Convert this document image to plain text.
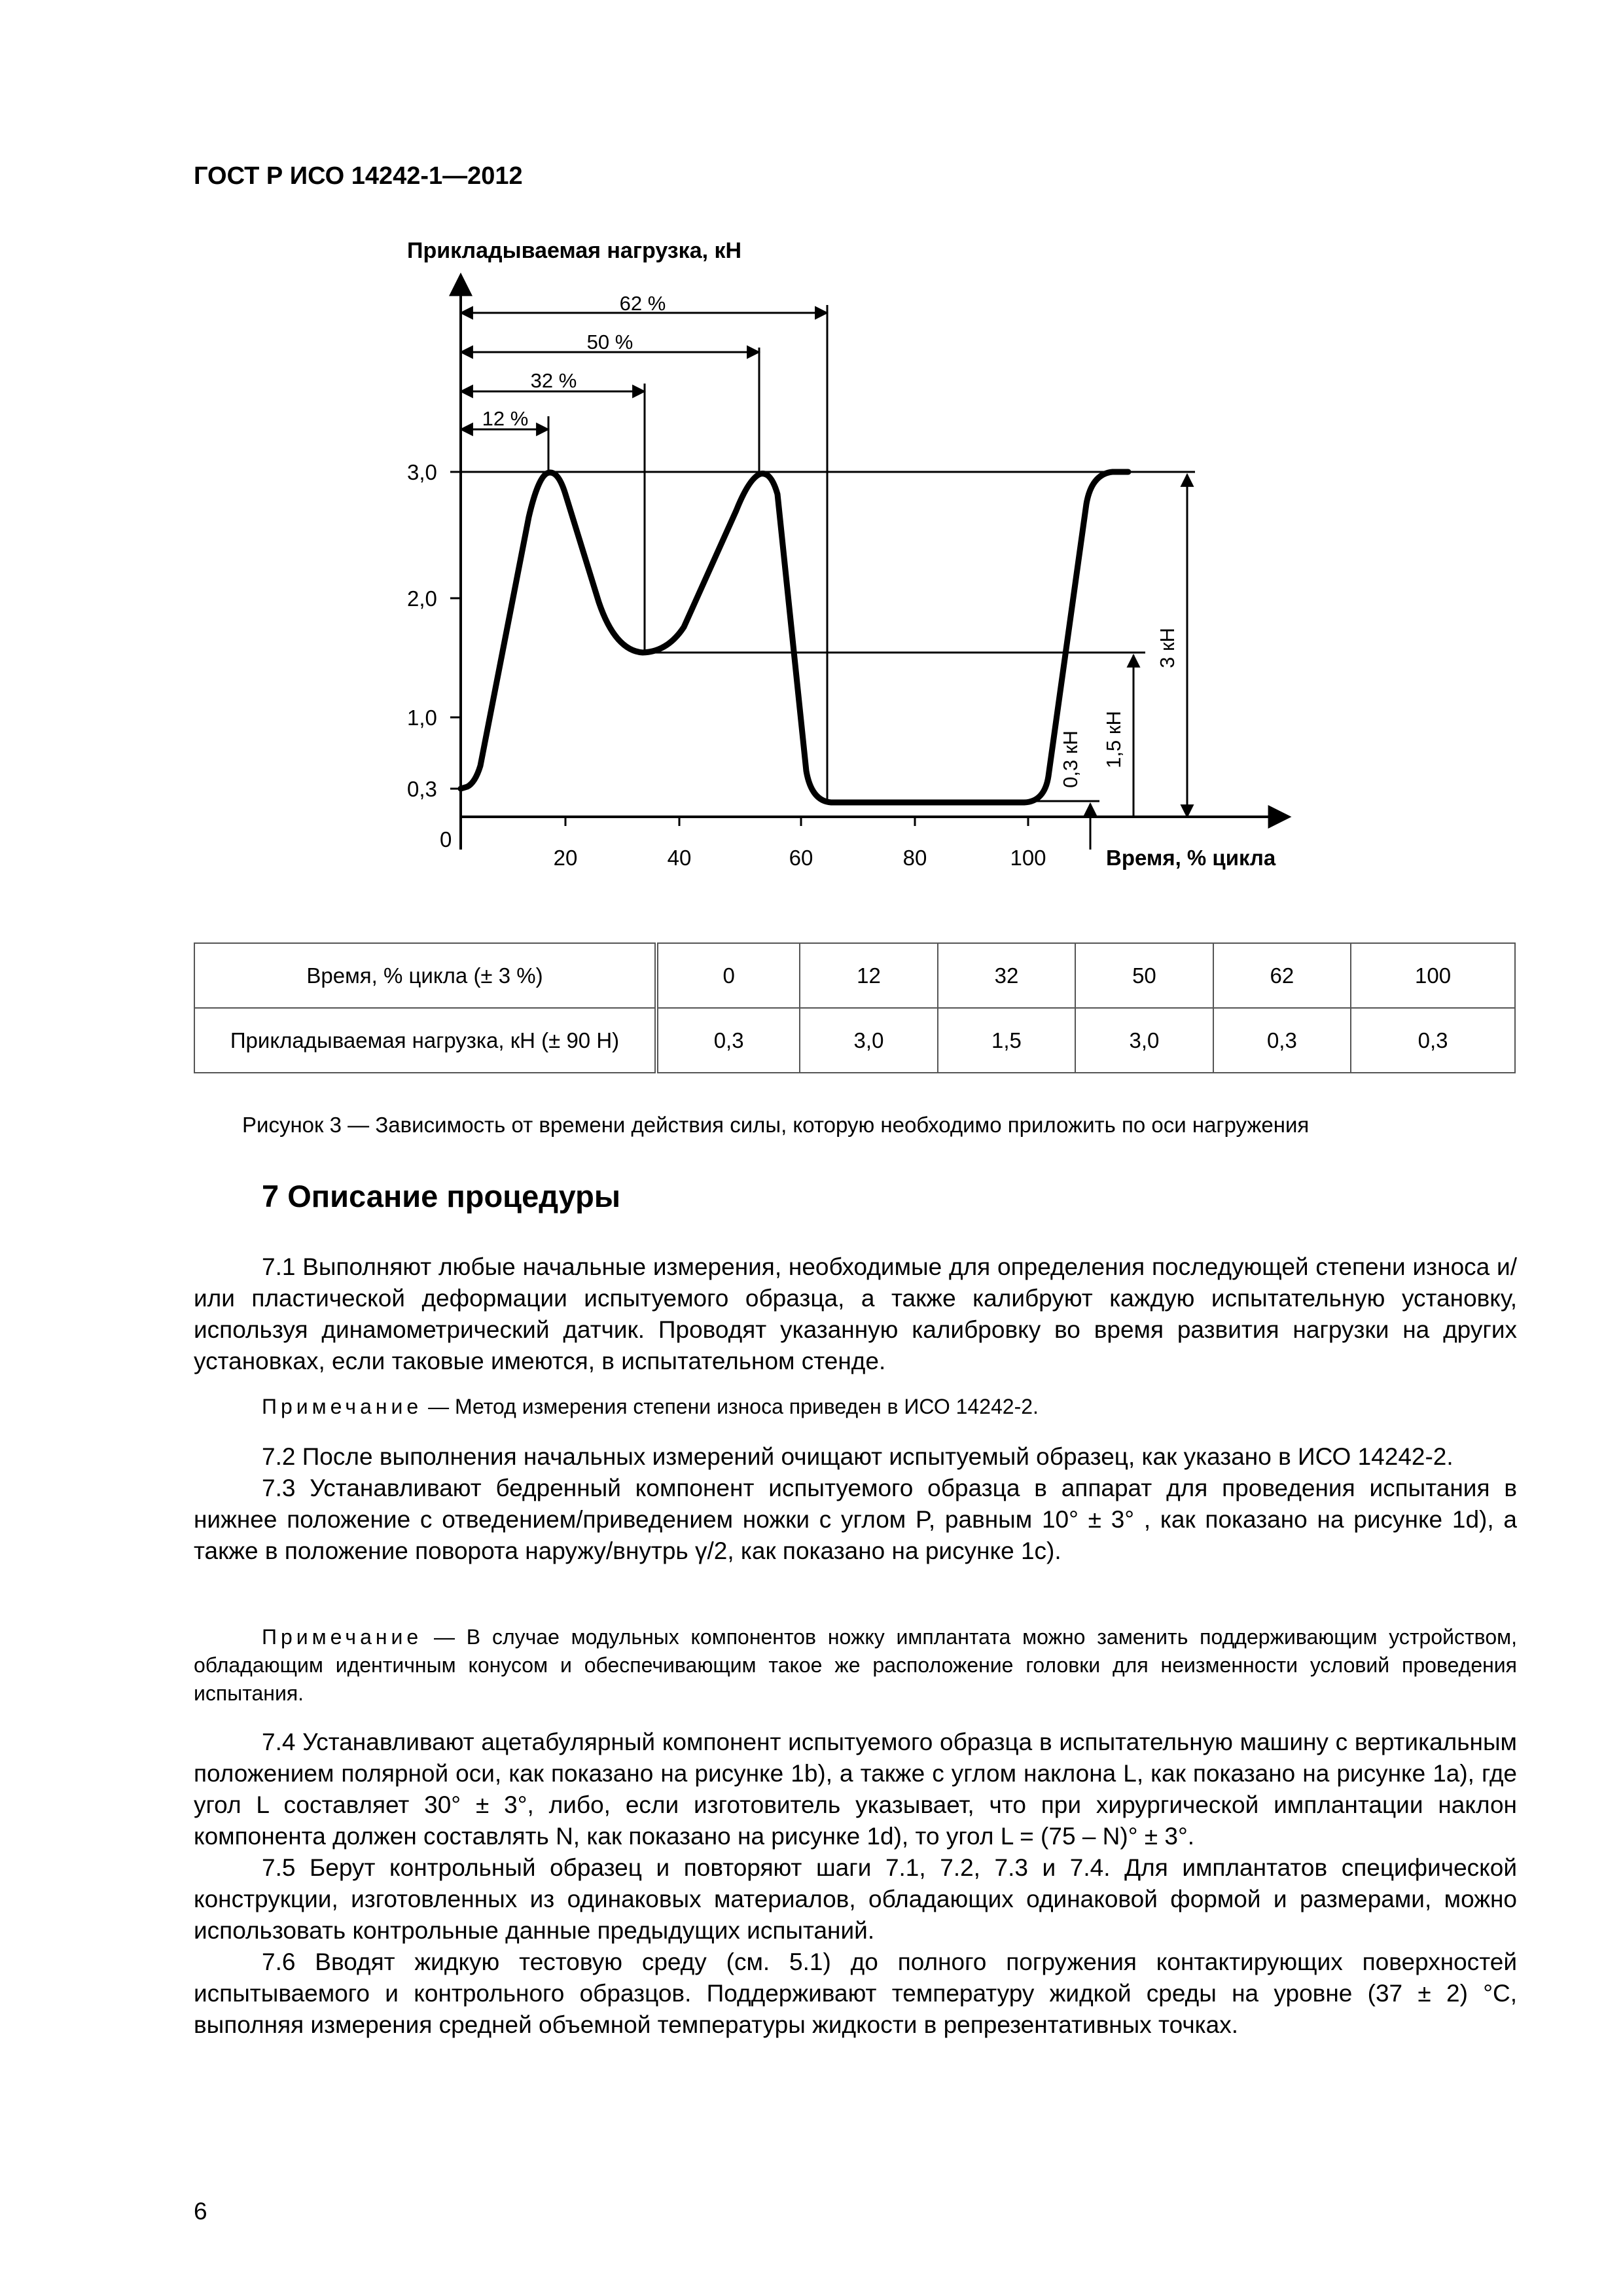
ГОСТ Р ИСО 14242-1—2012
Прикладываемая нагрузка, кН
3,0
2,0
1,0
0,3
0
20	40	60	80	100	Время, % цикла
62 %
50 %
32 %
12 %
0,3 кН 1,5 кН
3 кН
Время, % цикла (± 3 %)	0	12	32	50	62	100
Прикладываемая нагрузка, кН (± 90 Н)	0,3	3,0	1,5	3,0	0,3	0,3
Рисунок 3 — Зависимость от времени действия силы, которую необходимо приложить по оси нагружения
7 Описание процедуры

7.1 Выполняют любые начальные измерения, необходимые для определения последующей степени износа и/или пластической деформации испытуемого образца, а также калибруют каждую испытательную установку, используя динамометрический датчик. Проводят указанную калибровку во время развития нагрузки на других установках, если таковые имеются, в испытательном стенде.

Примечание — Метод измерения степени износа приведен в ИСО 14242-2.

7.2 После выполнения начальных измерений очищают испытуемый образец, как указано в ИСО 14242-2.

7.3 Устанавливают бедренный компонент испытуемого образца в аппарат для проведения испытания в нижнее положение с отведением/приведением ножки с углом P, равным 10° ± 3° , как показано на рисунке 1d), а также в положение поворота наружу/внутрь γ/2, как показано на рисунке 1с).

Примечание — В случае модульных компонентов ножку имплантата можно заменить поддерживающим устройством, обладающим идентичным конусом и обеспечивающим такое же расположение головки для неизменности условий проведения испытания.

7.4 Устанавливают ацетабулярный компонент испытуемого образца в испытательную машину с вертикальным положением полярной оси, как показано на рисунке 1b), а также с углом наклона L, как показано на рисунке 1а), где угол L составляет 30° ± 3°, либо, если изготовитель указывает, что при хирургической имплантации наклон компонента должен составлять N, как показано на рисунке 1d), то угол L = (75 – N)° ± 3°.

7.5 Берут контрольный образец и повторяют шаги 7.1, 7.2, 7.3 и 7.4. Для имплантатов специфической конструкции, изготовленных из одинаковых материалов, обладающих одинаковой формой и размерами, можно использовать контрольные данные предыдущих испытаний.

7.6 Вводят жидкую тестовую среду (см. 5.1) до полного погружения контактирующих поверхностей испытываемого и контрольного образцов. Поддерживают температуру жидкой среды на уровне (37 ± 2) °С, выполняя измерения средней объемной температуры жидкости в репрезентативных точках.

6
